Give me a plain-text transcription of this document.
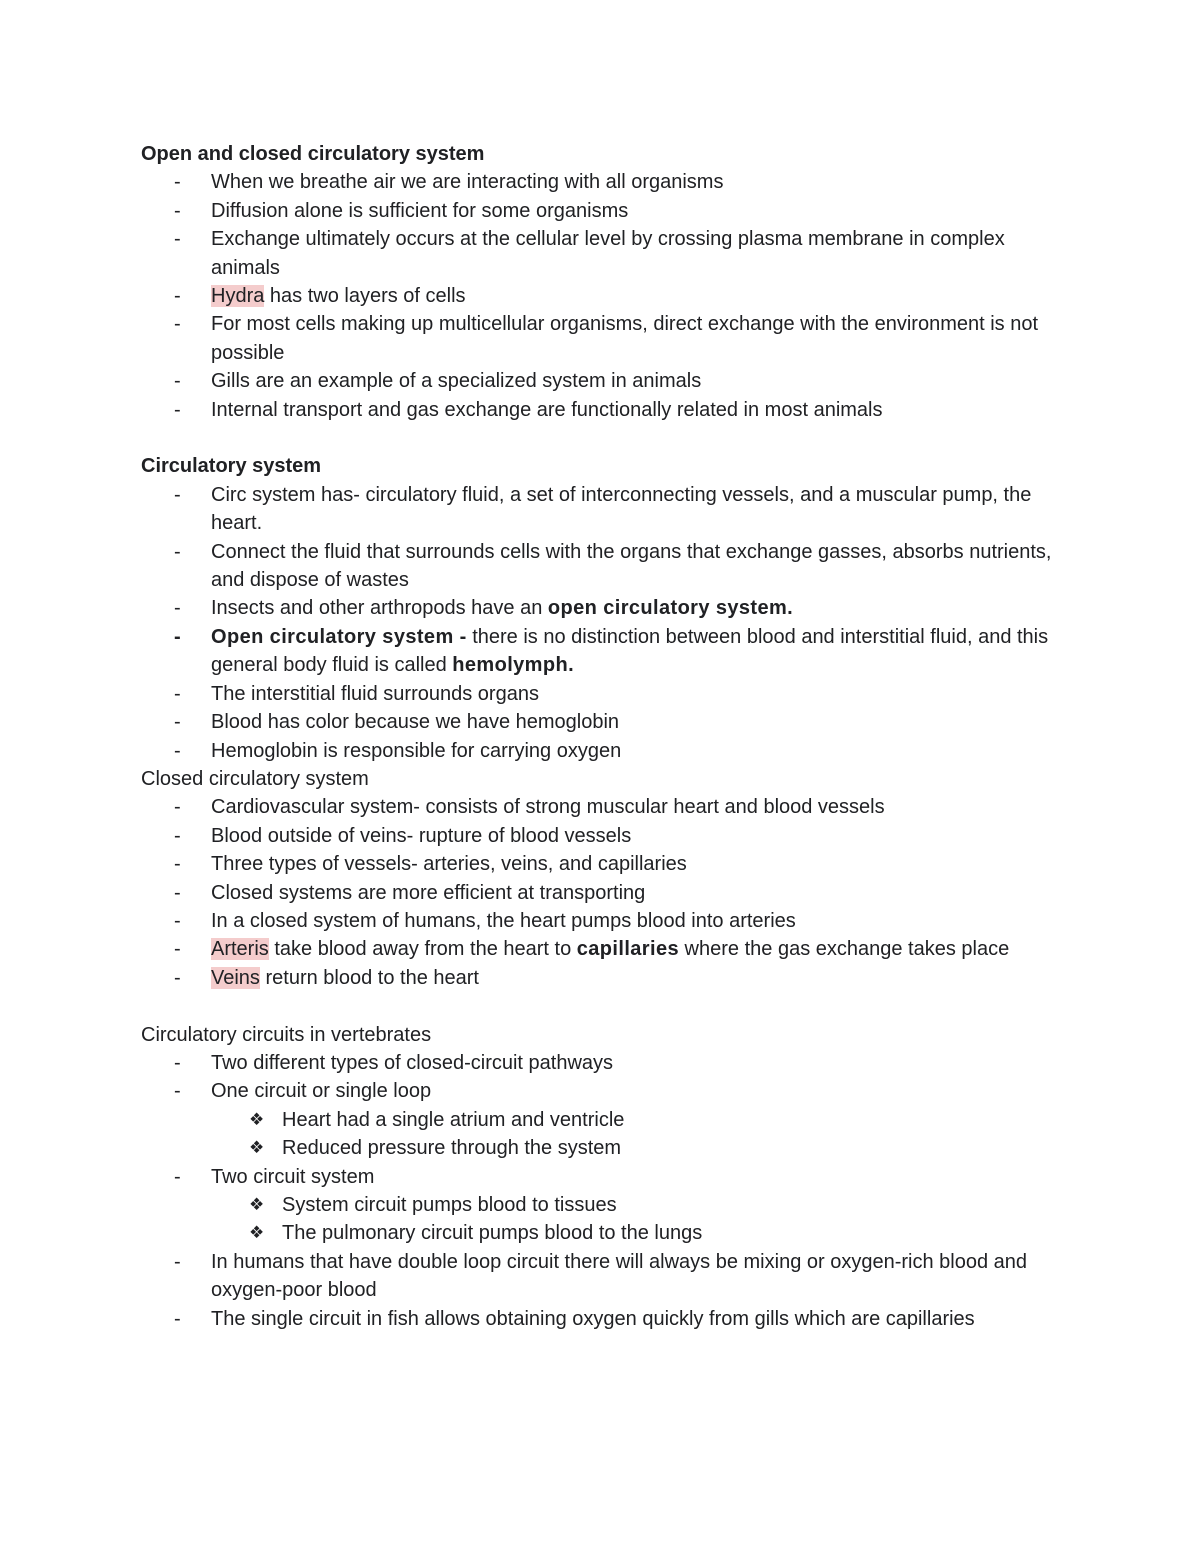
Open and closed circulatory system
-	When we breathe air we are interacting with all organisms
-	Diffusion alone is sufficient for some organisms
-	Exchange ultimately occurs at the cellular level by crossing plasma membrane in complex animals
-	Hydra has two layers of cells
-	For most cells making up multicellular organisms, direct exchange with the environment is not possible
-	Gills are an example of a specialized system in animals
-	Internal transport and gas exchange are functionally related in most animals
Circulatory system
-	Circ system has- circulatory fluid, a set of interconnecting vessels, and a muscular pump, the heart.
-	Connect the fluid that surrounds cells with the organs that exchange gasses, absorbs nutrients, and dispose of wastes
-	Insects and other arthropods have an open circulatory system.
-	Open circulatory system - there is no distinction between blood and interstitial fluid, and this general body fluid is called hemolymph.
-	The interstitial fluid surrounds organs
-	Blood has color because we have hemoglobin
-	Hemoglobin is responsible for carrying oxygen
Closed circulatory system
-	Cardiovascular system- consists of strong muscular heart and blood vessels
-	Blood outside of veins- rupture of blood vessels
-	Three types of vessels- arteries, veins, and capillaries
-	Closed systems are more efficient at transporting
-	In a closed system of humans, the heart pumps blood into arteries
-	Arteris take blood away from the heart to capillaries where the gas exchange takes place
-	Veins return blood to the heart
Circulatory circuits in vertebrates
-	Two different types of closed-circuit pathways
-	One circuit or single loop
❖ Heart had a single atrium and ventricle
❖ Reduced pressure through the system
-	Two circuit system
❖ System circuit pumps blood to tissues
❖ The pulmonary circuit pumps blood to the lungs
-	In humans that have double loop circuit there will always be mixing or oxygen-rich blood and oxygen-poor blood
-	The single circuit in fish allows obtaining oxygen quickly from gills which are capillaries
